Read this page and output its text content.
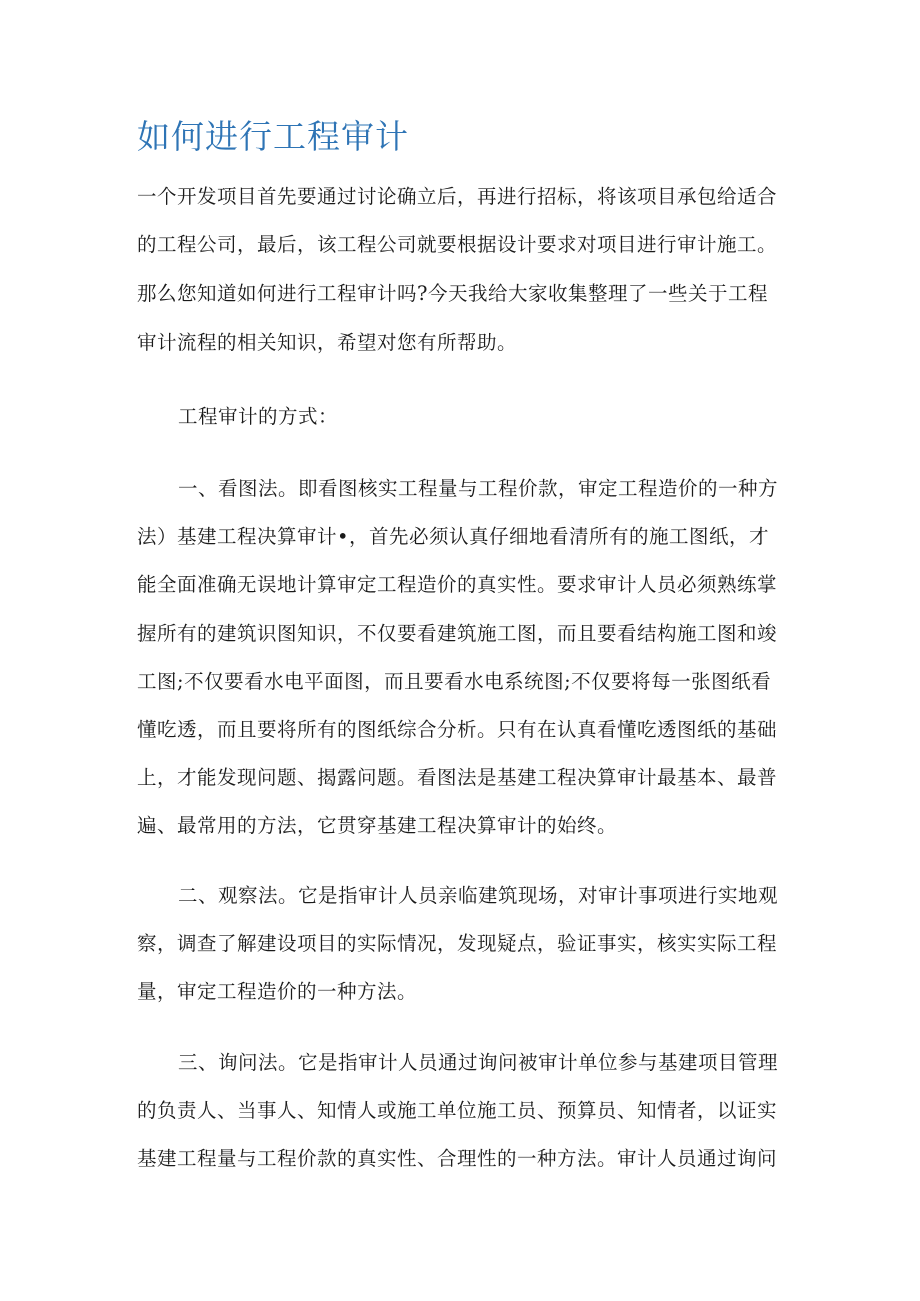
如何进行工程审计

一个开发项目首先要通过讨论确立后，再进行招标，将该项目承包给适合

的工程公司，最后，该工程公司就要根据设计要求对项目进行审计施工。

那么您知道如何进行工程审计吗?今天我给大家收集整理了一些关于工程

审计流程的相关知识，希望对您有所帮助。

工程审计的方式：

一、看图法。即看图核实工程量与工程价款，审定工程造价的一种方

法）基建工程决算审计•，首先必须认真仔细地看清所有的施工图纸，才

能全面准确无误地计算审定工程造价的真实性。要求审计人员必须熟练掌

握所有的建筑识图知识，不仅要看建筑施工图，而且要看结构施工图和竣

工图;不仅要看水电平面图，而且要看水电系统图;不仅要将每一张图纸看

懂吃透，而且要将所有的图纸综合分析。只有在认真看懂吃透图纸的基础

上，才能发现问题、揭露问题。看图法是基建工程决算审计最基本、最普

遍、最常用的方法，它贯穿基建工程决算审计的始终。

二、观察法。它是指审计人员亲临建筑现场，对审计事项进行实地观

察，调查了解建设项目的实际情况，发现疑点，验证事实，核实实际工程

量，审定工程造价的一种方法。

三、询问法。它是指审计人员通过询问被审计单位参与基建项目管理

的负责人、当事人、知情人或施工单位施工员、预算员、知情者，以证实

基建工程量与工程价款的真实性、合理性的一种方法。审计人员通过询问
